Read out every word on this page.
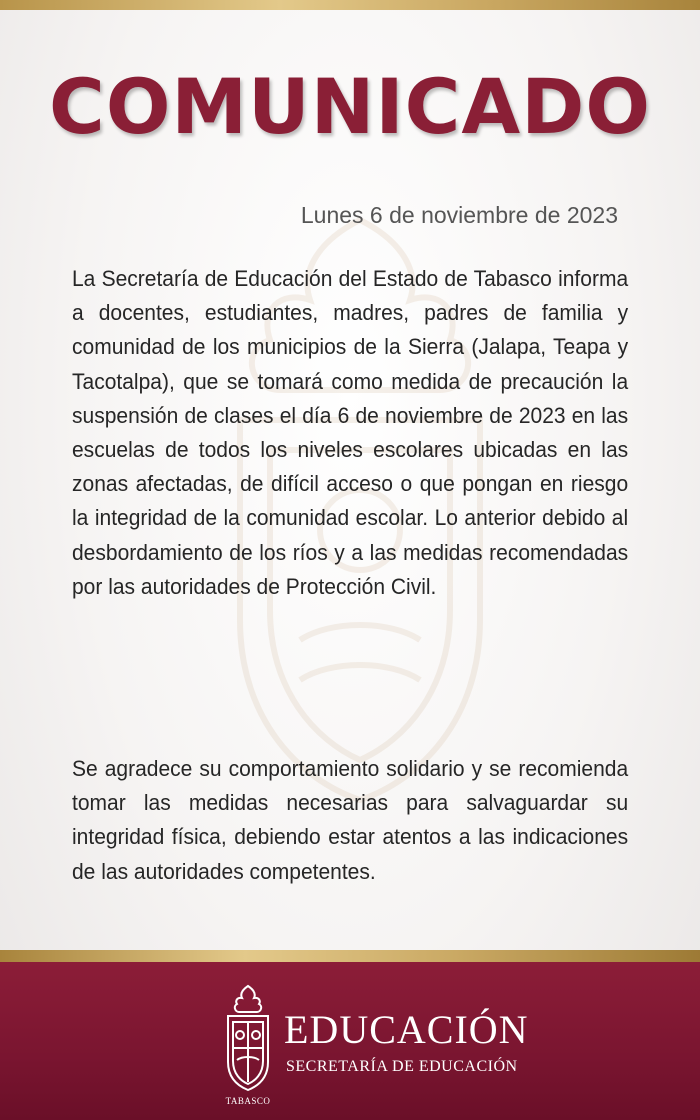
COMUNICADO
Lunes 6 de noviembre de 2023

La Secretaría de Educación del Estado de Tabasco informa a docentes, estudiantes, madres, padres de familia y comunidad de los municipios de la Sierra (Jalapa, Teapa y Tacotalpa), que se tomará como medida de precaución la suspensión de clases el día 6 de noviembre de 2023 en las escuelas de todos los niveles escolares ubicadas en las zonas afectadas, de difícil acceso o que pongan en riesgo la integridad de la comunidad escolar. Lo anterior debido al desbordamiento de los ríos y a las medidas recomendadas por las autoridades de Protección Civil.

Se agradece su comportamiento solidario y se recomienda tomar las medidas necesarias para salvaguardar su integridad física, debiendo estar atentos a las indicaciones de las autoridades competentes.

TABASCO
EDUCACIÓN
SECRETARÍA DE EDUCACIÓN
